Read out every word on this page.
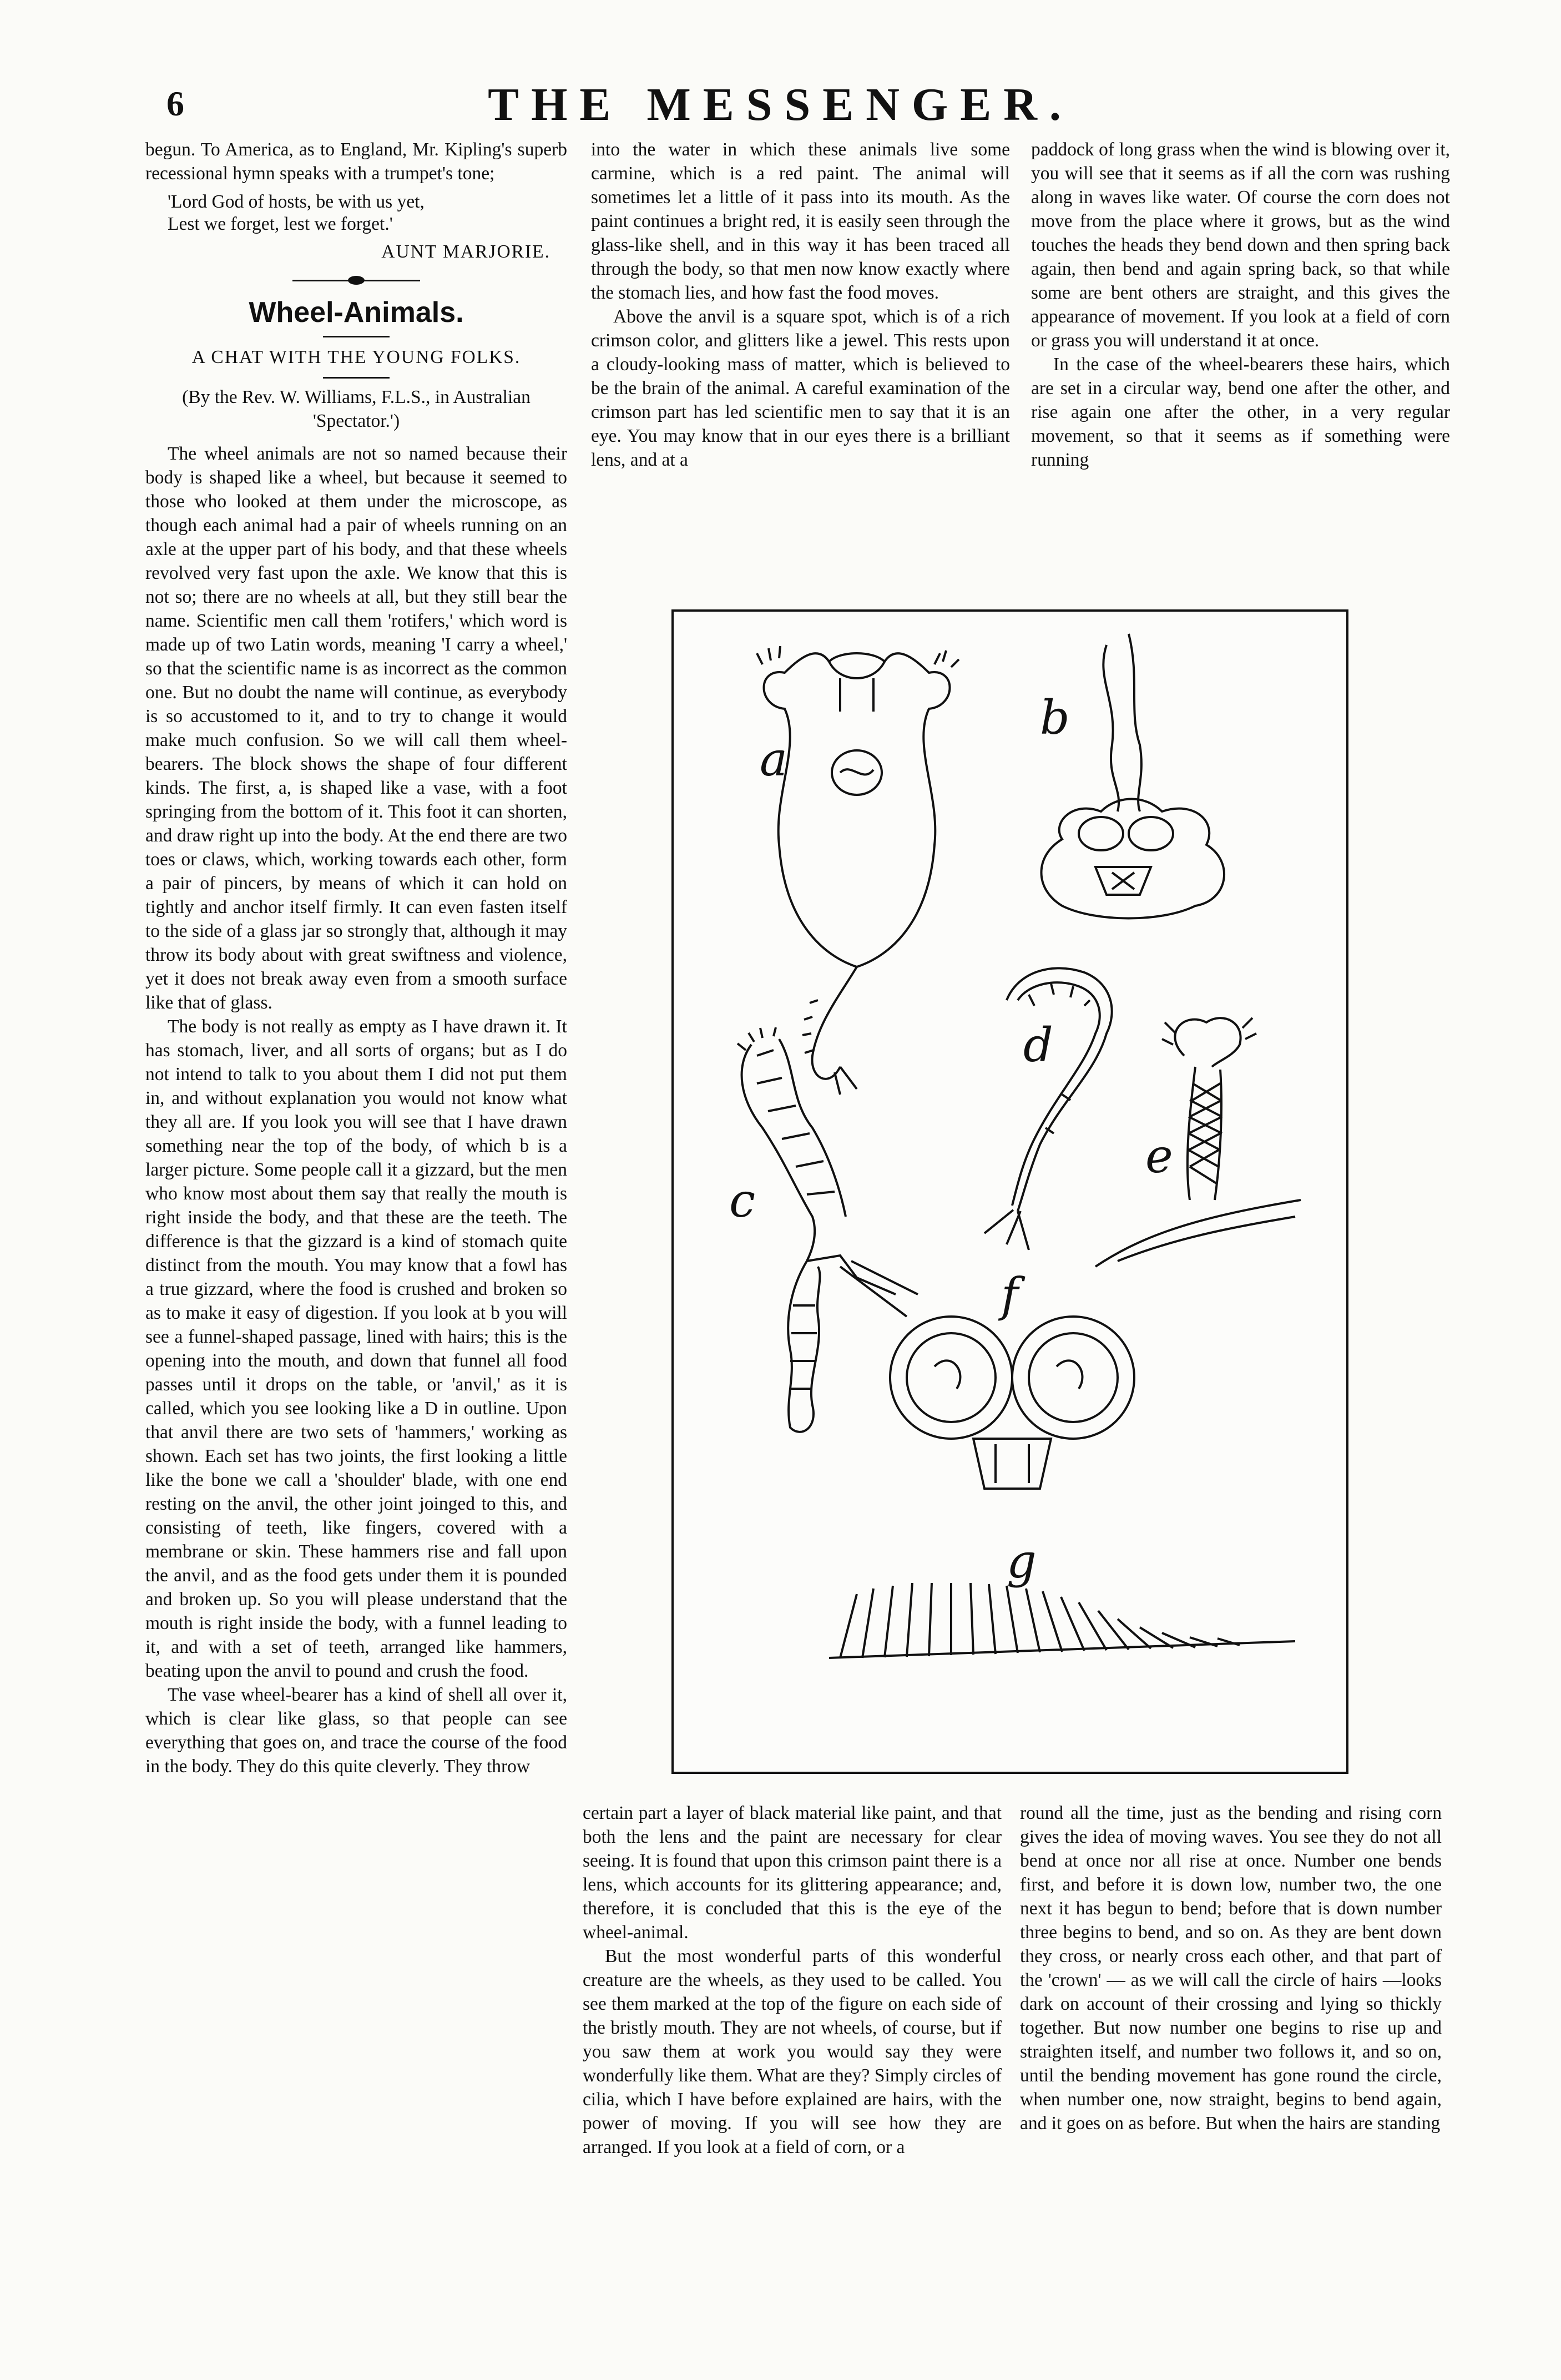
6	THE MESSENGER.

begun. To America, as to England, Mr. Kipling's superb recessional hymn speaks with a trumpet's tone;

'Lord God of hosts, be with us yet,
Lest we forget, lest we forget.'
AUNT MARJORIE.
Wheel-Animals.
A CHAT WITH THE YOUNG FOLKS.
(By the Rev. W. Williams, F.L.S., in Australian 'Spectator.')

The wheel animals are not so named because their body is shaped like a wheel, but because it seemed to those who looked at them under the microscope, as though each animal had a pair of wheels running on an axle at the upper part of his body, and that these wheels revolved very fast upon the axle. We know that this is not so; there are no wheels at all, but they still bear the name. Scientific men call them 'rotifers,' which word is made up of two Latin words, meaning 'I carry a wheel,' so that the scientific name is as incorrect as the common one. But no doubt the name will continue, as everybody is so accustomed to it, and to try to change it would make much confusion. So we will call them wheel-bearers. The block shows the shape of four different kinds. The first, a, is shaped like a vase, with a foot springing from the bottom of it. This foot it can shorten, and draw right up into the body. At the end there are two toes or claws, which, working towards each other, form a pair of pincers, by means of which it can hold on tightly and anchor itself firmly. It can even fasten itself to the side of a glass jar so strongly that, although it may throw its body about with great swiftness and violence, yet it does not break away even from a smooth surface like that of glass.

The body is not really as empty as I have drawn it. It has stomach, liver, and all sorts of organs; but as I do not intend to talk to you about them I did not put them in, and without explanation you would not know what they all are. If you look you will see that I have drawn something near the top of the body, of which b is a larger picture. Some people call it a gizzard, but the men who know most about them say that really the mouth is right inside the body, and that these are the teeth. The difference is that the gizzard is a kind of stomach quite distinct from the mouth. You may know that a fowl has a true gizzard, where the food is crushed and broken so as to make it easy of digestion. If you look at b you will see a funnel-shaped passage, lined with hairs; this is the opening into the mouth, and down that funnel all food passes until it drops on the table, or 'anvil,' as it is called, which you see looking like a D in outline. Upon that anvil there are two sets of 'hammers,' working as shown. Each set has two joints, the first looking a little like the bone we call a 'shoulder' blade, with one end resting on the anvil, the other joint joinged to this, and consisting of teeth, like fingers, covered with a membrane or skin. These hammers rise and fall upon the anvil, and as the food gets under them it is pounded and broken up. So you will please understand that the mouth is right inside the body, with a funnel leading to it, and with a set of teeth, arranged like hammers, beating upon the anvil to pound and crush the food.

The vase wheel-bearer has a kind of shell all over it, which is clear like glass, so that people can see everything that goes on, and trace the course of the food in the body. They do this quite cleverly. They throw

into the water in which these animals live some carmine, which is a red paint. The animal will sometimes let a little of it pass into its mouth. As the paint continues a bright red, it is easily seen through the glass-like shell, and in this way it has been traced all through the body, so that men now know exactly where the stomach lies, and how fast the food moves.

Above the anvil is a square spot, which is of a rich crimson color, and glitters like a jewel. This rests upon a cloudy-looking mass of matter, which is believed to be the brain of the animal. A careful examination of the crimson part has led scientific men to say that it is an eye. You may know that in our eyes there is a brilliant lens, and at a

paddock of long grass when the wind is blowing over it, you will see that it seems as if all the corn was rushing along in waves like water. Of course the corn does not move from the place where it grows, but as the wind touches the heads they bend down and then spring back again, then bend and again spring back, so that while some are bent others are straight, and this gives the appearance of movement. If you look at a field of corn or grass you will understand it at once.

In the case of the wheel-bearers these hairs, which are set in a circular way, bend one after the other, and rise again one after the other, in a very regular movement, so that it seems as if something were running

a
b
c
d
e
f
g

certain part a layer of black material like paint, and that both the lens and the paint are necessary for clear seeing. It is found that upon this crimson paint there is a lens, which accounts for its glittering appearance; and, therefore, it is concluded that this is the eye of the wheel-animal.

But the most wonderful parts of this wonderful creature are the wheels, as they used to be called. You see them marked at the top of the figure on each side of the bristly mouth. They are not wheels, of course, but if you saw them at work you would say they were wonderfully like them. What are they? Simply circles of cilia, which I have before explained are hairs, with the power of moving. If you will see how they are arranged. If you look at a field of corn, or a

round all the time, just as the bending and rising corn gives the idea of moving waves. You see they do not all bend at once nor all rise at once. Number one bends first, and before it is down low, number two, the one next it has begun to bend; before that is down number three begins to bend, and so on. As they are bent down they cross, or nearly cross each other, and that part of the 'crown' — as we will call the circle of hairs —looks dark on account of their crossing and lying so thickly together. But now number one begins to rise up and straighten itself, and number two follows it, and so on, until the bending movement has gone round the circle, when number one, now straight, begins to bend again, and it goes on as before. But when the hairs are standing
